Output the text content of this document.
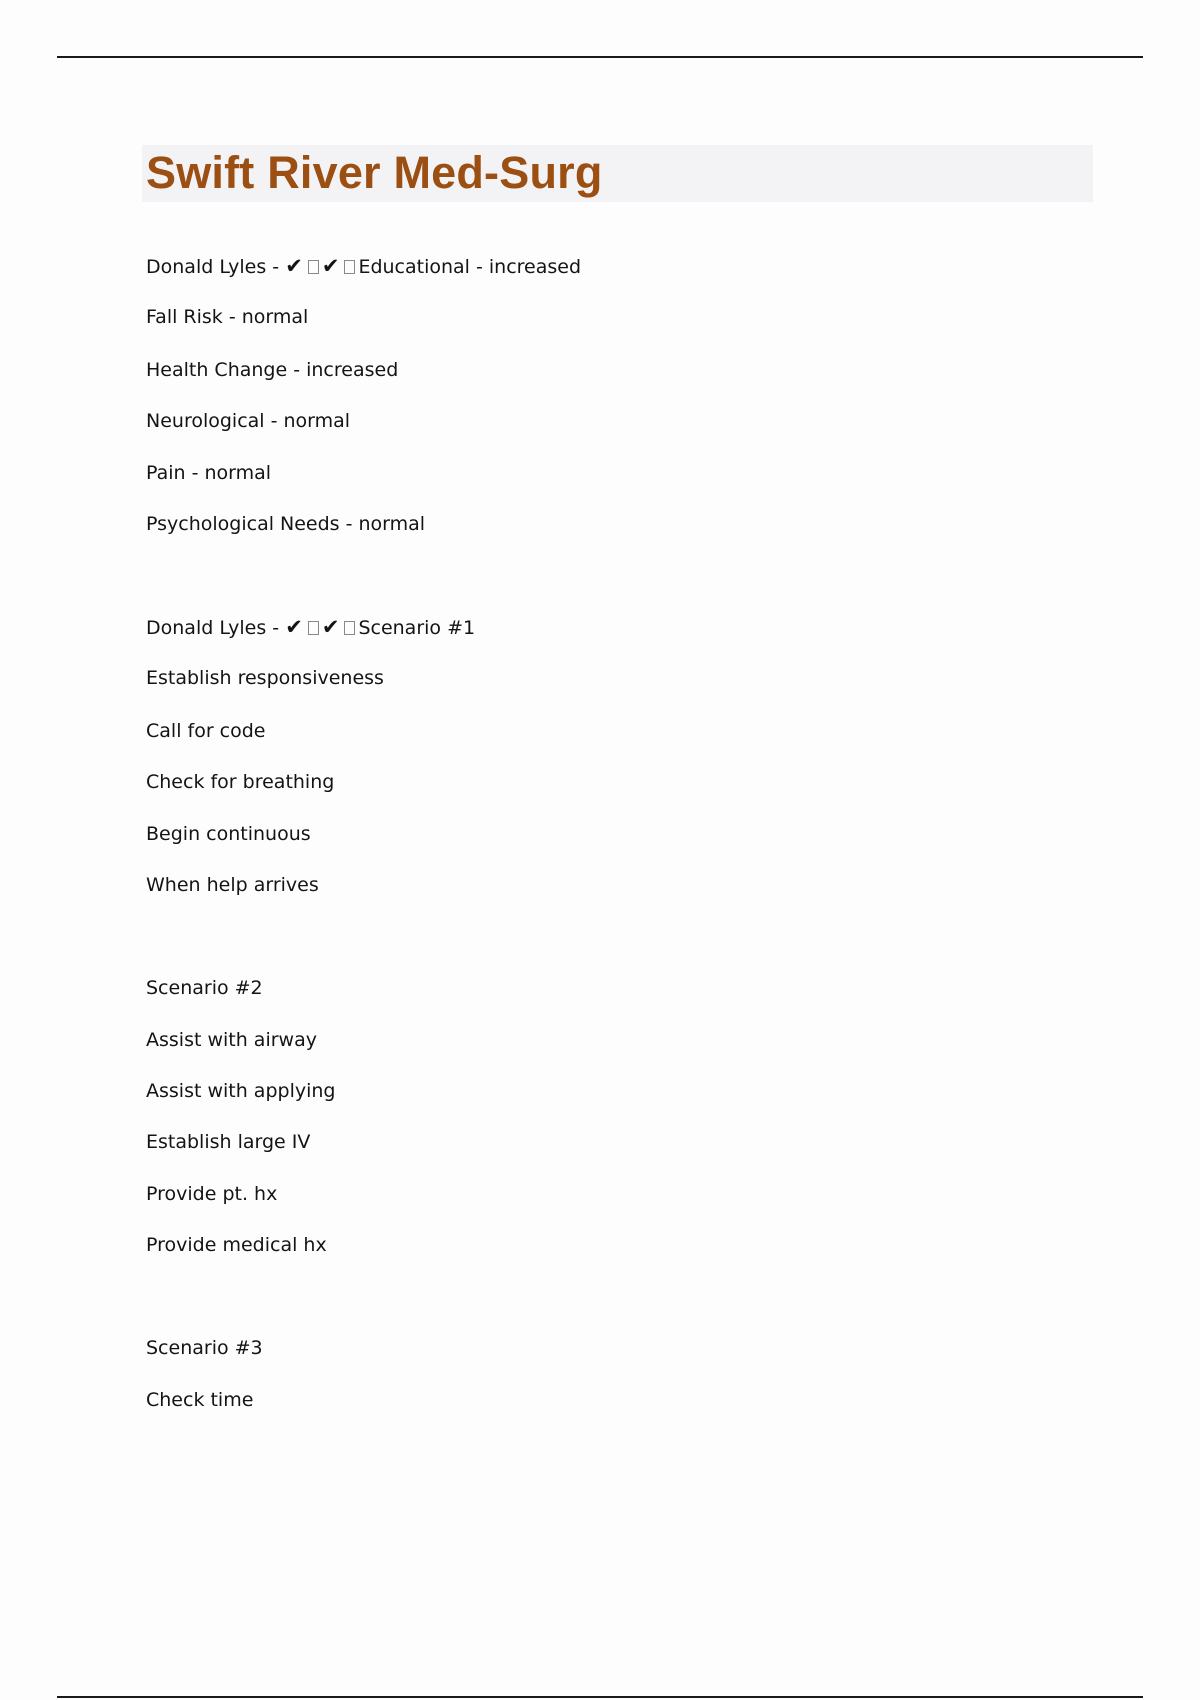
Swift River Med-Surg

Donald Lyles - ✔ ✔ Educational - increased

Fall Risk - normal

Health Change - increased

Neurological - normal

Pain - normal

Psychological Needs - normal

Donald Lyles - ✔ ✔ Scenario #1

Establish responsiveness

Call for code

Check for breathing

Begin continuous

When help arrives

Scenario #2

Assist with airway

Assist with applying

Establish large IV

Provide pt. hx

Provide medical hx

Scenario #3

Check time
